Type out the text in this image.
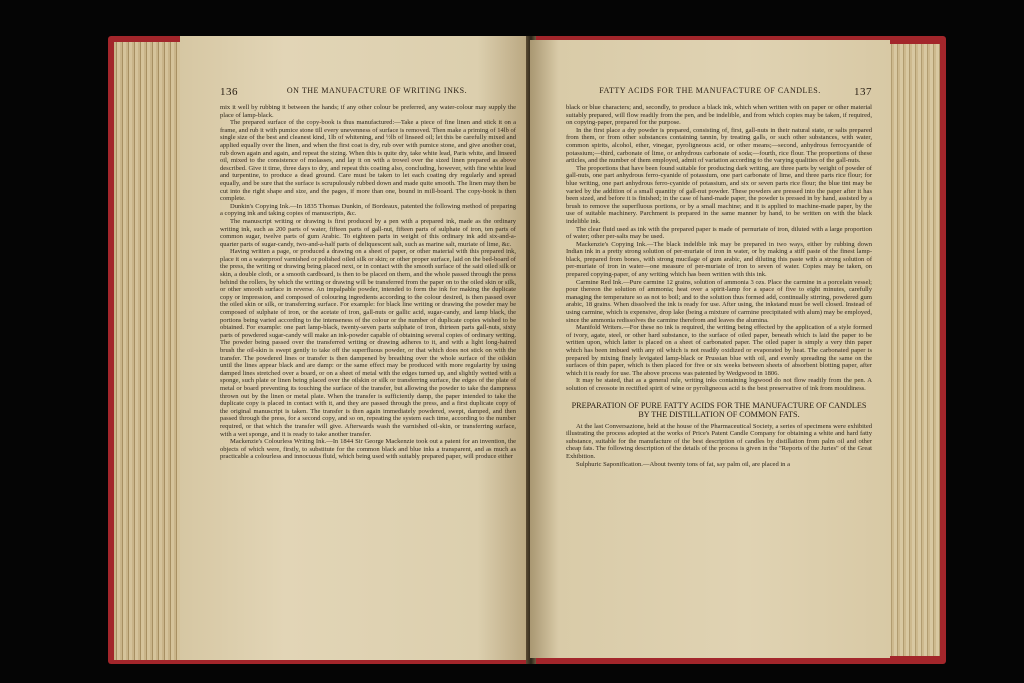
136	ON THE MANUFACTURE OF WRITING INKS.

mix it well by rubbing it between the hands; if any other colour be preferred, any water-colour may supply the place of lamp-black.

The prepared surface of the copy-book is thus manufactured:—Take a piece of fine linen and stick it on a frame, and rub it with pumice stone till every unevenness of surface is removed. Then make a priming of 14lb of single size of the best and cleanest kind, 1lb of whitening, and ½lb of linseed oil; let this be carefully mixed and applied equally over the linen, and when the first coat is dry, rub over with pumice stone, and give another coat, rub down again and again, and repeat the sizing. When this is quite dry, take white lead, Paris white, and linseed oil, mixed to the consistence of molasses, and lay it on with a trowel over the sized linen prepared as above described. Give it time, three days to dry, and repeat this coating also, concluding, however, with fine white lead and turpentine, to produce a dead ground. Care must be taken to let each coating dry regularly and spread equally, and be sure that the surface is scrupulously rubbed down and made quite smooth. The linen may then be cut into the right shape and size, and the pages, if more than one, bound in mill-board. The copy-book is then complete.

Dunkin's Copying Ink.—In 1835 Thomas Dunkin, of Bordeaux, patented the following method of preparing a copying ink and taking copies of manuscripts, &c.

The manuscript writing or drawing is first produced by a pen with a prepared ink, made as the ordinary writing ink, such as 200 parts of water, fifteen parts of gall-nut, fifteen parts of sulphate of iron, ten parts of common sugar, twelve parts of gum Arabic. To eighteen parts in weight of this ordinary ink add six-and-a-quarter parts of sugar-candy, two-and-a-half parts of deliquescent salt, such as marine salt, muriate of lime, &c.

Having written a page, or produced a drawing on a sheet of paper, or other material with this prepared ink, place it on a waterproof varnished or polished oiled silk or skin; or other proper surface, laid on the bed-board of the press, the writing or drawing being placed next, or in contact with the smooth surface of the said oiled silk or skin, a double cloth, or a smooth cardboard, is then to be placed on them, and the whole passed through the press behind the rollers, by which the writing or drawing will be transferred from the paper on to the oiled skin or silk, or other smooth surface in reverse. An impalpable powder, intended to form the ink for making the duplicate copy or impression, and composed of colouring ingredients according to the colour desired, is then passed over the oiled skin or silk, or transferring surface. For example: for black line writing or drawing the powder may be composed of sulphate of iron, or the acetate of iron, gall-nuts or gallic acid, sugar-candy, and lamp black, the portions being varied according to the intenseness of the colour or the number of duplicate copies wished to be obtained. For example: one part lamp-black, twenty-seven parts sulphate of iron, thirteen parts gall-nuts, sixty parts of powdered sugar-candy will make an ink-powder capable of obtaining several copies of ordinary writing. The powder being passed over the transferred writing or drawing adheres to it, and with a light long-haired brush the oil-skin is swept gently to take off the superfluous powder, or that which does not stick on with the transfer. The powdered lines or transfer is then dampened by breathing over the whole surface of the oilskin until the lines appear black and are damp: or the same effect may be produced with more regularity by using damped lines stretched over a board, or on a sheet of metal with the edges turned up, and slightly wetted with a sponge, such plate or linen being placed over the oilskin or silk or transferring surface, the edges of the plate of metal or board preventing its touching the surface of the transfer, but allowing the powder to take the dampness thrown out by the linen or metal plate. When the transfer is sufficiently damp, the paper intended to take the duplicate copy is placed in contact with it, and they are passed through the press, and a first duplicate copy of the original manuscript is taken. The transfer is then again immediately powdered, swept, damped, and then passed through the press, for a second copy, and so on, repeating the system each time, according to the number required, or that which the transfer will give. Afterwards wash the varnished oil-skin, or transferring surface, with a wet sponge, and it is ready to take another transfer.

Mackenzie's Colourless Writing Ink.—In 1844 Sir George Mackenzie took out a patent for an invention, the objects of which were, firstly, to substitute for the common black and blue inks a transparent, and as much as practicable a colourless and innocuous fluid, which being used with suitably prepared paper, will produce either

FATTY ACIDS FOR THE MANUFACTURE OF CANDLES.	137

black or blue characters; and, secondly, to produce a black ink, which when written with on paper or other material suitably prepared, will flow readily from the pen, and be indelible, and from which copies may be taken, if required, on copying-paper, prepared for the purpose.

In the first place a dry powder is prepared, consisting of, first, gall-nuts in their natural state, or salts prepared from them, or from other substances containing tannin, by treating galls, or such other substances, with water, common spirits, alcohol, ether, vinegar, pyroligneous acid, or other means;—second, anhydrous ferrocyanide of potassium;—third, carbonate of lime, or anhydrous carbonate of soda;—fourth, rice flour. The proportions of these articles, and the number of them employed, admit of variation according to the varying qualities of the gall-nuts.

The proportions that have been found suitable for producing dark writing, are three parts by weight of powder of gall-nuts, one part anhydrous ferro-cyanide of potassium, one part carbonate of lime, and three parts rice flour; for blue writing, one part anhydrous ferro-cyanide of potassium, and six or seven parts rice flour; the blue tint may be varied by the addition of a small quantity of gall-nut powder. These powders are pressed into the paper after it has been sized, and before it is finished; in the case of hand-made paper, the powder is pressed in by hand, assisted by a brush to remove the superfluous portions, or by a small machine; and it is applied to machine-made paper, by the use of suitable machinery. Parchment is prepared in the same manner by hand, to be written on with the black indelible ink.

The clear fluid used as ink with the prepared paper is made of pernuriate of iron, diluted with a large proportion of water; other per-salts may be used.

Mackenzie's Copying Ink.—The black indelible ink may be prepared in two ways, either by rubbing down Indian ink in a pretty strong solution of per-muriate of iron in water, or by making a stiff paste of the finest lamp-black, prepared from bones, with strong mucilage of gum arabic, and diluting this paste with a strong solution of per-muriate of iron in water—one measure of per-muriate of iron to seven of water. Copies may be taken, on prepared copying-paper, of any writing which has been written with this ink.

Carmine Red Ink.—Pure carmine 12 grains, solution of ammonia 3 ozs. Place the carmine in a porcelain vessel; pour thereon the solution of ammonia; heat over a spirit-lamp for a space of five to eight minutes, carefully managing the temperature so as not to boil; and to the solution thus formed add, continually stirring, powdered gum arabic, 18 grains. When dissolved the ink is ready for use. After using, the inkstand must be well closed. Instead of using carmine, which is expensive, drop lake (being a mixture of carmine precipitated with alum) may be employed, since the ammonia redissolves the carmine therefrom and leaves the alumina.

Manifold Writers.—For these no ink is required, the writing being effected by the application of a style formed of ivory, agate, steel, or other hard substance, to the surface of oiled paper, beneath which is laid the paper to be written upon, which latter is placed on a sheet of carbonated paper. The oiled paper is simply a very thin paper which has been imbued with any oil which is not readily oxidized or evaporated by heat. The carbonated paper is prepared by mixing finely levigated lamp-black or Prussian blue with oil, and evenly spreading the same on the surfaces of thin paper, which is then placed for five or six weeks between sheets of absorbent blotting paper, after which it is ready for use. The above process was patented by Wedgwood in 1806.

It may be stated, that as a general rule, writing inks containing logwood do not flow readily from the pen. A solution of creosote in rectified spirit of wine or pyroligneous acid is the best preservative of ink from mouldiness.

PREPARATION OF PURE FATTY ACIDS FOR THE MANUFACTURE OF CANDLES BY THE DISTILLATION OF COMMON FATS.

At the last Conversazione, held at the house of the Pharmaceutical Society, a series of specimens were exhibited illustrating the process adopted at the works of Price's Patent Candle Company for obtaining a white and hard fatty substance, suitable for the manufacture of the best description of candles by distillation from palm oil and other cheap fats. The following description of the details of the process is given in the "Reports of the Juries" of the Great Exhibition.

Sulphuric Saponification.—About twenty tons of fat, say palm oil, are placed in a
